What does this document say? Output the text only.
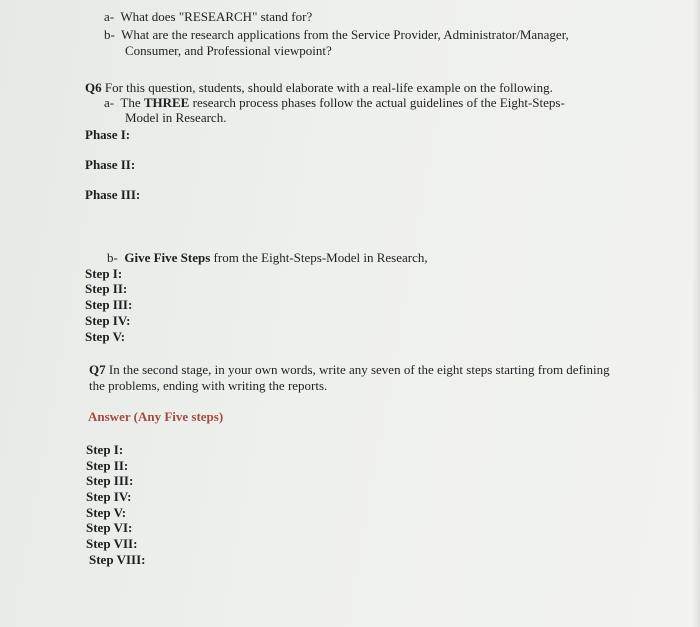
a- What does "RESEARCH" stand for?
b- What are the research applications from the Service Provider, Administrator/Manager,
Consumer, and Professional viewpoint?
Q6 For this question, students, should elaborate with a real-life example on the following.
a- The THREE research process phases follow the actual guidelines of the Eight-Steps-
Model in Research.
Phase I:
Phase II:
Phase III:
b- Give Five Steps from the Eight-Steps-Model in Research,
Step I:
Step II:
Step III:
Step IV:
Step V:
Q7 In the second stage, in your own words, write any seven of the eight steps starting from defining
the problems, ending with writing the reports.
Answer (Any Five steps)
Step I:
Step II:
Step III:
Step IV:
Step V:
Step VI:
Step VII:
Step VIII:
